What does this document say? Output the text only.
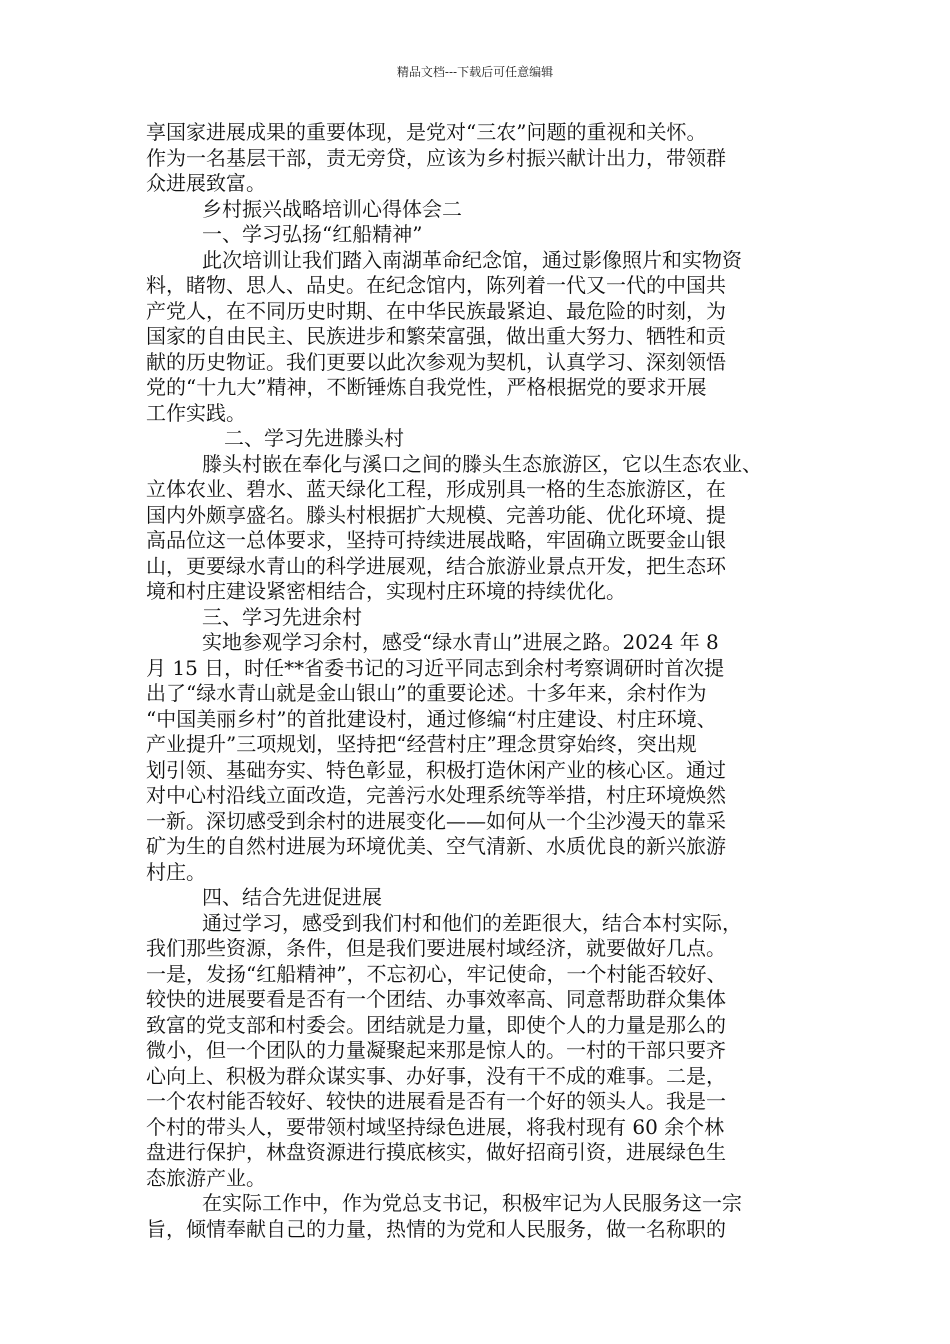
精品文档---下载后可任意编辑
享国家进展成果的重要体现，是党对“三农”问题的重视和关怀。
作为一名基层干部，责无旁贷，应该为乡村振兴献计出力，带领群
众进展致富。
乡村振兴战略培训心得体会二
一、学习弘扬“红船精神”
此次培训让我们踏入南湖革命纪念馆，通过影像照片和实物资
料，睹物、思人、品史。在纪念馆内，陈列着一代又一代的中国共
产党人，在不同历史时期、在中华民族最紧迫、最危险的时刻，为
国家的自由民主、民族进步和繁荣富强，做出重大努力、牺牲和贡
献的历史物证。我们更要以此次参观为契机，认真学习、深刻领悟
党的“十九大”精神，不断锤炼自我党性，严格根据党的要求开展
工作实践。
二、学习先进滕头村
滕头村嵌在奉化与溪口之间的滕头生态旅游区，它以生态农业、
立体农业、碧水、蓝天绿化工程，形成别具一格的生态旅游区，在
国内外颇享盛名。滕头村根据扩大规模、完善功能、优化环境、提
高品位这一总体要求，坚持可持续进展战略，牢固确立既要金山银
山，更要绿水青山的科学进展观，结合旅游业景点开发，把生态环
境和村庄建设紧密相结合，实现村庄环境的持续优化。
三、学习先进余村
实地参观学习余村，感受“绿水青山”进展之路。2024 年 8
月 15 日，时任**省委书记的习近平同志到余村考察调研时首次提
出了“绿水青山就是金山银山”的重要论述。十多年来，余村作为
“中国美丽乡村”的首批建设村，通过修编“村庄建设、村庄环境、
产业提升”三项规划，坚持把“经营村庄”理念贯穿始终，突出规
划引领、基础夯实、特色彰显，积极打造休闲产业的核心区。通过
对中心村沿线立面改造，完善污水处理系统等举措，村庄环境焕然
一新。深切感受到余村的进展变化——如何从一个尘沙漫天的靠采
矿为生的自然村进展为环境优美、空气清新、水质优良的新兴旅游
村庄。
四、结合先进促进展
通过学习，感受到我们村和他们的差距很大，结合本村实际，
我们那些资源，条件，但是我们要进展村域经济，就要做好几点。
一是，发扬“红船精神”，不忘初心，牢记使命，一个村能否较好、
较快的进展要看是否有一个团结、办事效率高、同意帮助群众集体
致富的党支部和村委会。团结就是力量，即使个人的力量是那么的
微小，但一个团队的力量凝聚起来那是惊人的。一村的干部只要齐
心向上、积极为群众谋实事、办好事，没有干不成的难事。二是，
一个农村能否较好、较快的进展看是否有一个好的领头人。我是一
个村的带头人，要带领村域坚持绿色进展，将我村现有 60 余个林
盘进行保护，林盘资源进行摸底核实，做好招商引资，进展绿色生
态旅游产业。
在实际工作中，作为党总支书记，积极牢记为人民服务这一宗
旨，倾情奉献自己的力量，热情的为党和人民服务，做一名称职的
